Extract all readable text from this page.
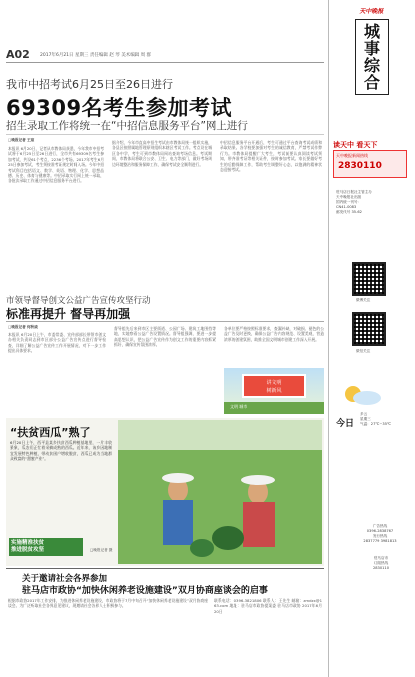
A02 2017年6月21日 星期三 责任编辑 赵 琴 美术编辑 周 群
天中晚报
城事综合
读天中 看天下
天中晚报新闻热线
2830110
驻马店日报社主管主办
天中晚报社出版
国内统一刊号：
CN41-0083
邮发代号 35-62
微博关注
微信关注
今日
多云
星期三
气温：27℃~35℃
广告热线
0396-2838767
发行热线
2837779 3981813
驻马店市
订阅热线
2830110
我市中招考试6月25日至26日进行
69309名考生参加考试
招生录取工作将统一在“中招信息服务平台”网上进行
□晚报记者 王琼
本报讯 6月20日，记者从市教体局获悉，今年我市中招考试将于6月25日至26日进行，全市共有69309名考生参加考试，共设61个考点，2236个考场。2017年考生6月25日参加考试，考生须按准考证规定时间入场。今年中招考试科目包括语文、数学、英语、物理、化学、思想品德、历史、体育与健康等。中招录取实行网上统一录取，各批次录取工作通过中招信息服务平台进行。
据介绍，今年市直高中招生考试由市教体局统一组织实施，各县区按照属地管理原则组织本辖区考试工作。考点设在城区各中学，考生可到市教体局网站查询考场信息。考试期间，市教体局将联合公安、卫生、电力等部门，做好考场周边环境整治和服务保障工作，确保考试安全顺利进行。
中招信息服务平台开通后，考生可通过平台查询考试成绩和录取结果。各学校要加强对考生的诚信教育，严禁考试作弊行为。市教体局提醒广大考生，考试前要认真阅读考试须知，带齐准考证等相关证件，按时参加考试。家长要做好考生的后勤保障工作，帮助考生调整好心态，以饱满的精神状态迎接考试。
市领导督导创文公益广告宣传攻坚行动
标准再提升 督导再加强
□晚报记者 何秋威
本报讯 6月20日上午，市委常委、宣传部部长带领市创文办相关负责同志到市区部分公益广告宣传点进行督导检查，详细了解公益广告宣传工作开展情况，对下一步工作提出具体要求。
督导组先后来到市区主要街道、公园广场、建筑工地围挡等地，实地察看公益广告设置情况。督导组强调，要进一步提高思想认识，把公益广告宣传作为创文工作的重要内容抓紧抓好，确保宣传氛围浓厚。
各单位要严格按照标准要求，查漏补缺，对破损、褪色的公益广告及时更换，确保公益广告内容规范、设置美观，营造浓厚的创建氛围，助推全国文明城市创建工作深入开展。
讲文明
树新风
文明 城市
“扶贫西瓜”熟了
6月20日上午，西平县某乡扶贫西瓜种植基地里，一片丰收景象，瓜农们正忙着采摘成熟的西瓜。近年来，该乡因地制宜发展特色种植，带动贫困户增收脱贫，西瓜已成为当地群众致富的“甜蜜产业”。
实施精准扶贫
推进脱贫攻坚	□晚报记者 摄
关于邀请社会各界参加
驻马店市政协“加快休闲养老设施建设”双月协商座谈会的启事
根据市政协2017年工作安排，为推进休闲养老设施建设，市政协将于7月中旬召开“加快休闲养老设施建设”双月协商座谈会。为广泛听取社会各界意见建议，现邀请社会各界人士积极参与。
联系电话：0396-3821806 联系人：王先生 邮箱：zmdzx@163.com 地址：驻马店市政协提案委 驻马店市政协 2017年6月20日
